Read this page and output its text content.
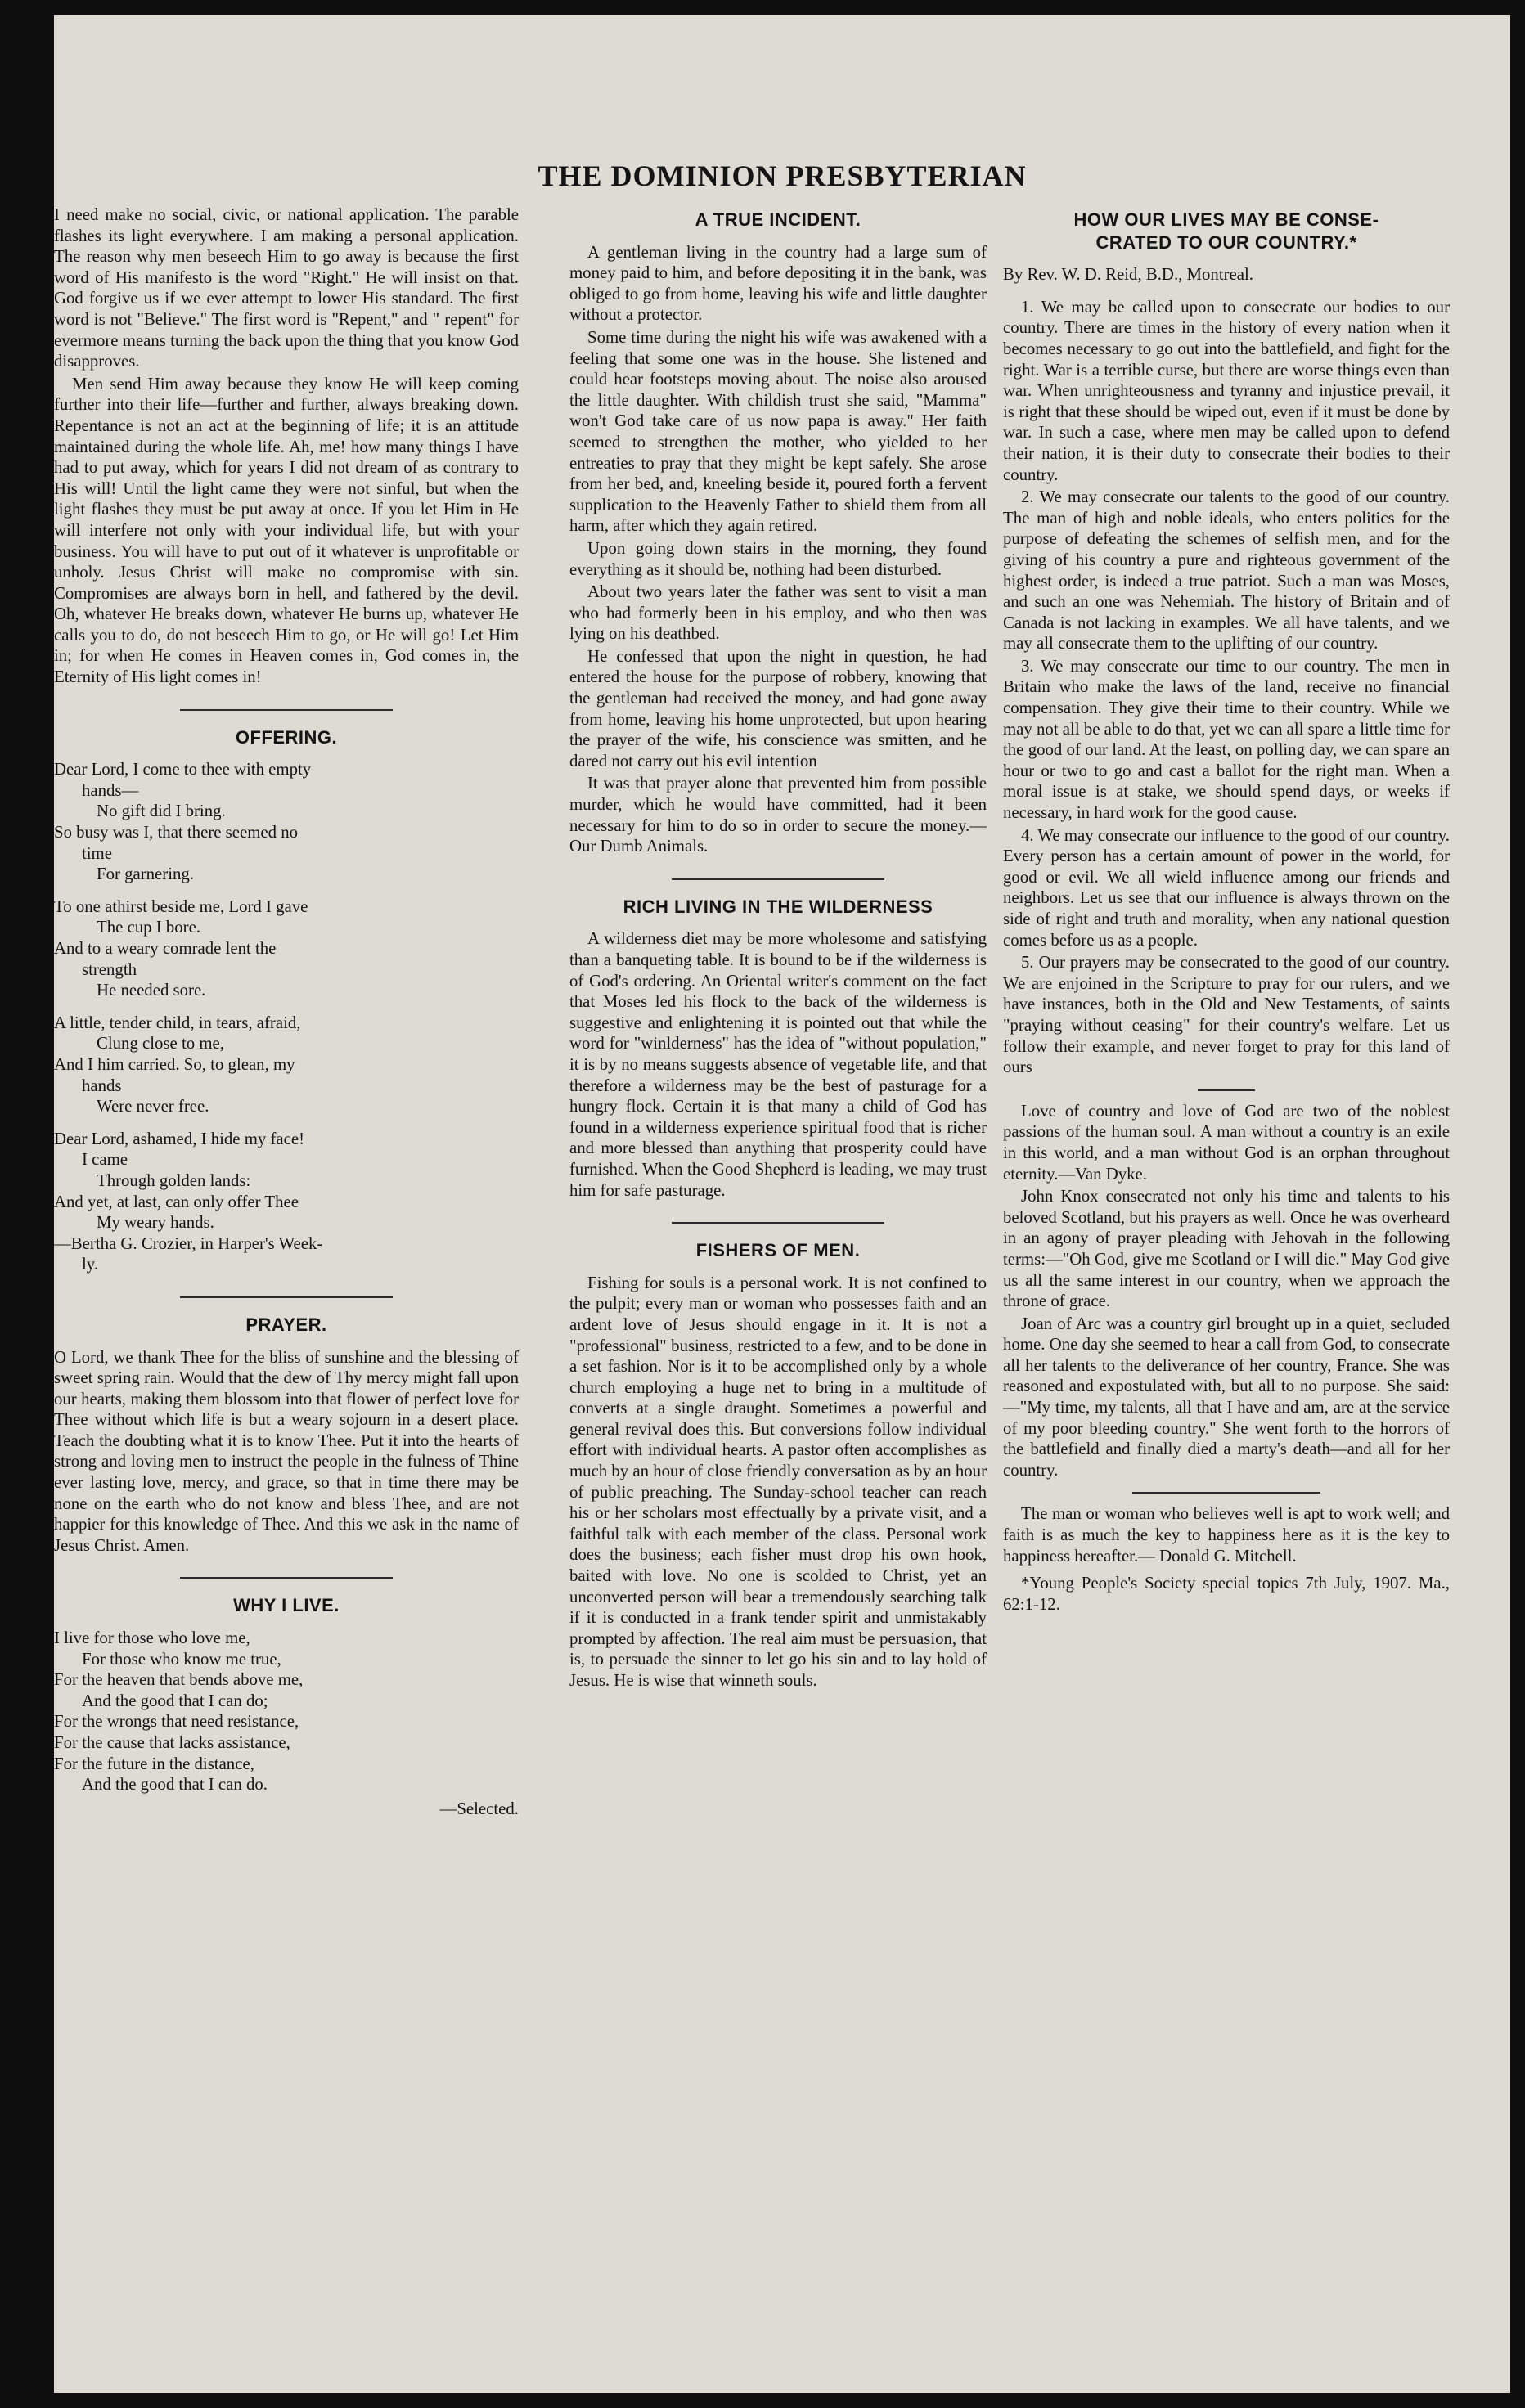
THE DOMINION PRESBYTERIAN

I need make no social, civic, or national application. The parable flashes its light everywhere. I am making a personal application. The reason why men beseech Him to go away is because the first word of His manifesto is the word "Right." He will insist on that. God forgive us if we ever attempt to lower His standard. The first word is not "Believe." The first word is "Repent," and " repent" for evermore means turning the back upon the thing that you know God disapproves.

Men send Him away because they know He will keep coming further into their life—further and further, always breaking down. Repentance is not an act at the beginning of life; it is an attitude maintained during the whole life. Ah, me! how many things I have had to put away, which for years I did not dream of as contrary to His will! Until the light came they were not sinful, but when the light flashes they must be put away at once. If you let Him in He will interfere not only with your individual life, but with your business. You will have to put out of it whatever is unprofitable or unholy. Jesus Christ will make no compromise with sin. Compromises are always born in hell, and fathered by the devil. Oh, whatever He breaks down, whatever He burns up, whatever He calls you to do, do not beseech Him to go, or He will go! Let Him in; for when He comes in Heaven comes in, God comes in, the Eternity of His light comes in!

OFFERING.
Dear Lord, I come to thee with empty
hands—
No gift did I bring.
So busy was I, that there seemed no
time
For garnering.
To one athirst beside me, Lord I gave
The cup I bore.
And to a weary comrade lent the
strength
He needed sore.
A little, tender child, in tears, afraid,
Clung close to me,
And I him carried. So, to glean, my
hands
Were never free.
Dear Lord, ashamed, I hide my face!
I came
Through golden lands:
And yet, at last, can only offer Thee
My weary hands.
—Bertha G. Crozier, in Harper's Week-
ly.
PRAYER.

O Lord, we thank Thee for the bliss of sunshine and the blessing of sweet spring rain. Would that the dew of Thy mercy might fall upon our hearts, making them blossom into that flower of perfect love for Thee without which life is but a weary sojourn in a desert place. Teach the doubting what it is to know Thee. Put it into the hearts of strong and loving men to instruct the people in the fulness of Thine ever lasting love, mercy, and grace, so that in time there may be none on the earth who do not know and bless Thee, and are not happier for this knowledge of Thee. And this we ask in the name of Jesus Christ. Amen.

WHY I LIVE.
I live for those who love me,
For those who know me true,
For the heaven that bends above me,
And the good that I can do;
For the wrongs that need resistance,
For the cause that lacks assistance,
For the future in the distance,
And the good that I can do.
—Selected.
A TRUE INCIDENT.

A gentleman living in the country had a large sum of money paid to him, and before depositing it in the bank, was obliged to go from home, leaving his wife and little daughter without a protector.

Some time during the night his wife was awakened with a feeling that some one was in the house. She listened and could hear footsteps moving about. The noise also aroused the little daughter. With childish trust she said, "Mamma" won't God take care of us now papa is away." Her faith seemed to strengthen the mother, who yielded to her entreaties to pray that they might be kept safely. She arose from her bed, and, kneeling beside it, poured forth a fervent supplication to the Heavenly Father to shield them from all harm, after which they again retired.

Upon going down stairs in the morning, they found everything as it should be, nothing had been disturbed.

About two years later the father was sent to visit a man who had formerly been in his employ, and who then was lying on his deathbed.

He confessed that upon the night in question, he had entered the house for the purpose of robbery, knowing that the gentleman had received the money, and had gone away from home, leaving his home unprotected, but upon hearing the prayer of the wife, his conscience was smitten, and he dared not carry out his evil intention

It was that prayer alone that prevented him from possible murder, which he would have committed, had it been necessary for him to do so in order to secure the money.—Our Dumb Animals.

RICH LIVING IN THE WILDERNESS

A wilderness diet may be more wholesome and satisfying than a banqueting table. It is bound to be if the wilderness is of God's ordering. An Oriental writer's comment on the fact that Moses led his flock to the back of the wilderness is suggestive and enlightening it is pointed out that while the word for "winlderness" has the idea of "without population," it is by no means suggests absence of vegetable life, and that therefore a wilderness may be the best of pasturage for a hungry flock. Certain it is that many a child of God has found in a wilderness experience spiritual food that is richer and more blessed than anything that prosperity could have furnished. When the Good Shepherd is leading, we may trust him for safe pasturage.

FISHERS OF MEN.

Fishing for souls is a personal work. It is not confined to the pulpit; every man or woman who possesses faith and an ardent love of Jesus should engage in it. It is not a "professional" business, restricted to a few, and to be done in a set fashion. Nor is it to be accomplished only by a whole church employing a huge net to bring in a multitude of converts at a single draught. Sometimes a powerful and general revival does this. But conversions follow individual effort with individual hearts. A pastor often accomplishes as much by an hour of close friendly conversation as by an hour of public preaching. The Sunday-school teacher can reach his or her scholars most effectually by a private visit, and a faithful talk with each member of the class. Personal work does the business; each fisher must drop his own hook, baited with love. No one is scolded to Christ, yet an unconverted person will bear a tremendously searching talk if it is conducted in a frank tender spirit and unmistakably prompted by affection. The real aim must be persuasion, that is, to persuade the sinner to let go his sin and to lay hold of Jesus. He is wise that winneth souls.

HOW OUR LIVES MAY BE CONSE-
CRATED TO OUR COUNTRY.*
By Rev. W. D. Reid, B.D., Montreal.

1. We may be called upon to consecrate our bodies to our country. There are times in the history of every nation when it becomes necessary to go out into the battlefield, and fight for the right. War is a terrible curse, but there are worse things even than war. When unrighteousness and tyranny and injustice prevail, it is right that these should be wiped out, even if it must be done by war. In such a case, where men may be called upon to defend their nation, it is their duty to consecrate their bodies to their country.

2. We may consecrate our talents to the good of our country. The man of high and noble ideals, who enters politics for the purpose of defeating the schemes of selfish men, and for the giving of his country a pure and righteous government of the highest order, is indeed a true patriot. Such a man was Moses, and such an one was Nehemiah. The history of Britain and of Canada is not lacking in examples. We all have talents, and we may all consecrate them to the uplifting of our country.

3. We may consecrate our time to our country. The men in Britain who make the laws of the land, receive no financial compensation. They give their time to their country. While we may not all be able to do that, yet we can all spare a little time for the good of our land. At the least, on polling day, we can spare an hour or two to go and cast a ballot for the right man. When a moral issue is at stake, we should spend days, or weeks if necessary, in hard work for the good cause.

4. We may consecrate our influence to the good of our country. Every person has a certain amount of power in the world, for good or evil. We all wield influence among our friends and neighbors. Let us see that our influence is always thrown on the side of right and truth and morality, when any national question comes before us as a people.

5. Our prayers may be consecrated to the good of our country. We are enjoined in the Scripture to pray for our rulers, and we have instances, both in the Old and New Testaments, of saints "praying without ceasing" for their country's welfare. Let us follow their example, and never forget to pray for this land of ours

Love of country and love of God are two of the noblest passions of the human soul. A man without a country is an exile in this world, and a man without God is an orphan throughout eternity.—Van Dyke.

John Knox consecrated not only his time and talents to his beloved Scotland, but his prayers as well. Once he was overheard in an agony of prayer pleading with Jehovah in the following terms:—"Oh God, give me Scotland or I will die." May God give us all the same interest in our country, when we approach the throne of grace.

Joan of Arc was a country girl brought up in a quiet, secluded home. One day she seemed to hear a call from God, to consecrate all her talents to the deliverance of her country, France. She was reasoned and expostulated with, but all to no purpose. She said: —"My time, my talents, all that I have and am, are at the service of my poor bleeding country." She went forth to the horrors of the battlefield and finally died a marty's death—and all for her country.

The man or woman who believes well is apt to work well; and faith is as much the key to happiness here as it is the key to happiness hereafter.— Donald G. Mitchell.

*Young People's Society special topics 7th July, 1907. Ma., 62:1-12.
